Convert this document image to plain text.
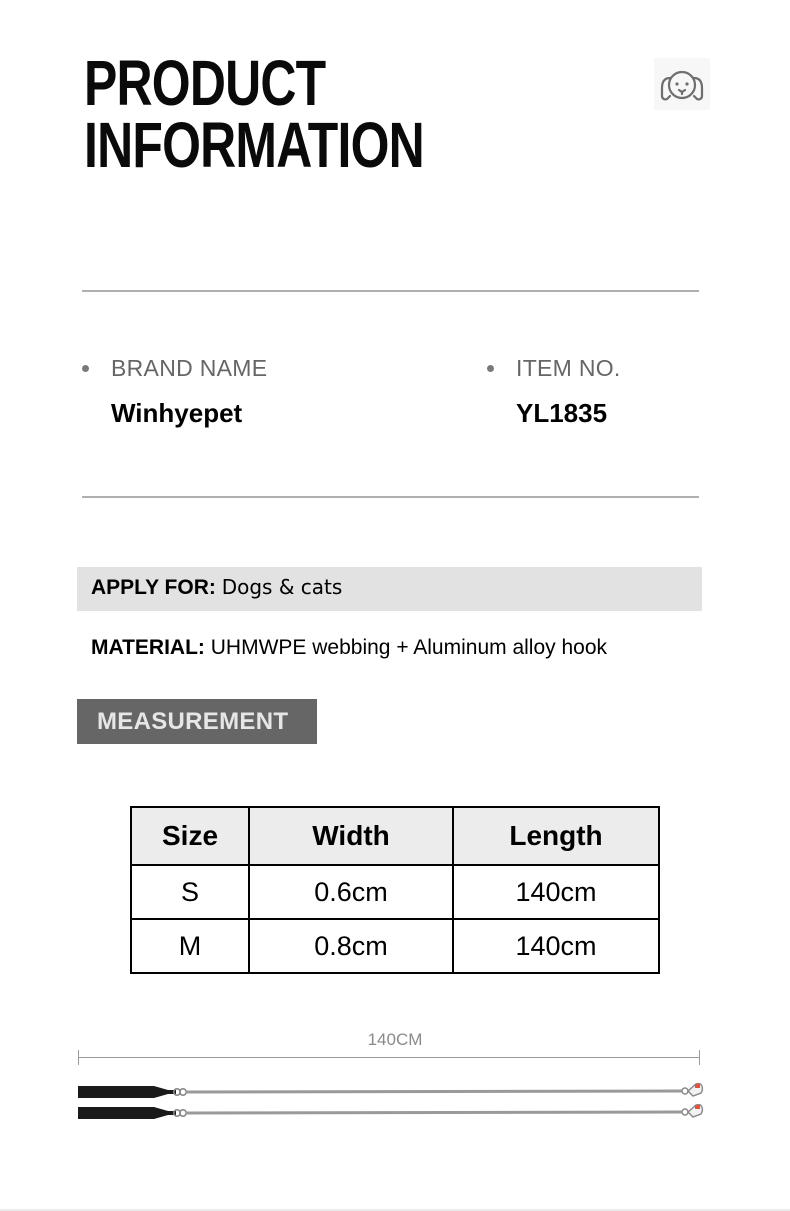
PRODUCT
INFORMATION
BRAND NAME
Winhyepet
ITEM NO.
YL1835
APPLY FOR: Dogs & cats
MATERIAL: UHMWPE webbing + Aluminum alloy hook
MEASUREMENT
Size	Width	Length
S	0.6cm	140cm
M	0.8cm	140cm
140CM
